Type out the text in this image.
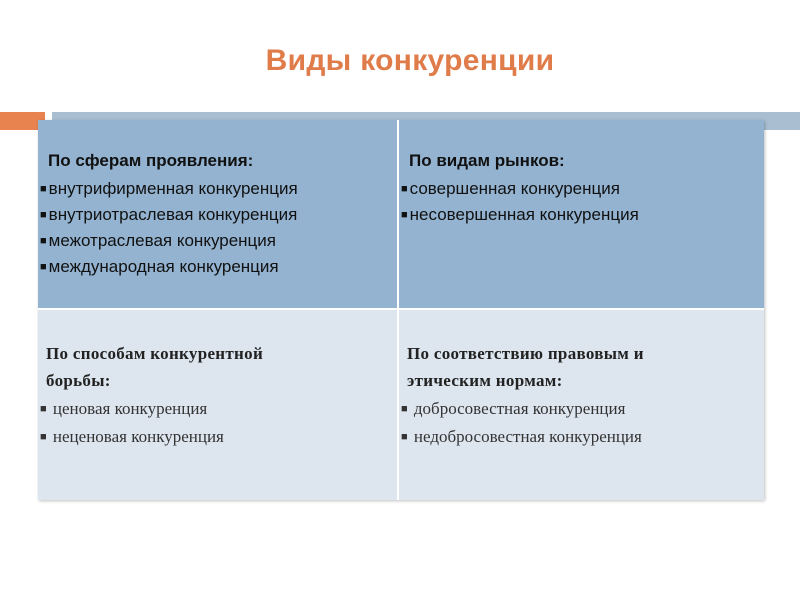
Виды конкуренции
По сферам проявления:
■ внутрифирменная конкуренция
■ внутриотраслевая конкуренция
■ межотраслевая конкуренция
■ международная конкуренция
По видам рынков:
■ совершенная конкуренция
■ несовершенная конкуренция
По способам конкурентной
борьбы:
■ ценовая конкуренция
■ неценовая конкуренция
По соответствию правовым и
этическим нормам:
■ добросовестная конкуренция
■ недобросовестная конкуренция
